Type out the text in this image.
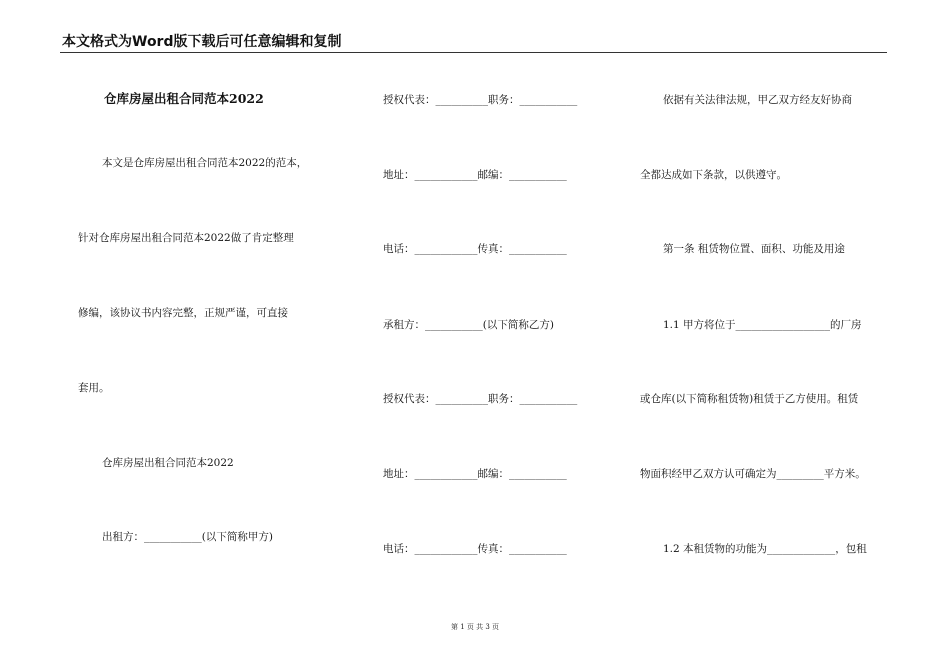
本文格式为Word版下载后可任意编辑和复制
仓库房屋出租合同范本2022
本文是仓库房屋出租合同范本2022的范本，
针对仓库房屋出租合同范本2022做了肯定整理
修编，该协议书内容完整，正规严谨，可直接
套用。
仓库房屋出租合同范本2022
出租方：___________(以下简称甲方)
授权代表：__________职务：___________
地址：____________邮编：___________
电话：____________传真：___________
承租方：___________(以下简称乙方)
授权代表：__________职务：___________
地址：____________邮编：___________
电话：____________传真：___________
依据有关法律法规，甲乙双方经友好协商
全都达成如下条款，以供遵守。
第一条 租赁物位置、面积、功能及用途
1.1 甲方将位于__________________的厂房
或仓库(以下简称租赁物)租赁于乙方使用。租赁
物面积经甲乙双方认可确定为_________平方米。
1.2 本租赁物的功能为_____________，包租
第 1 页 共 3 页
